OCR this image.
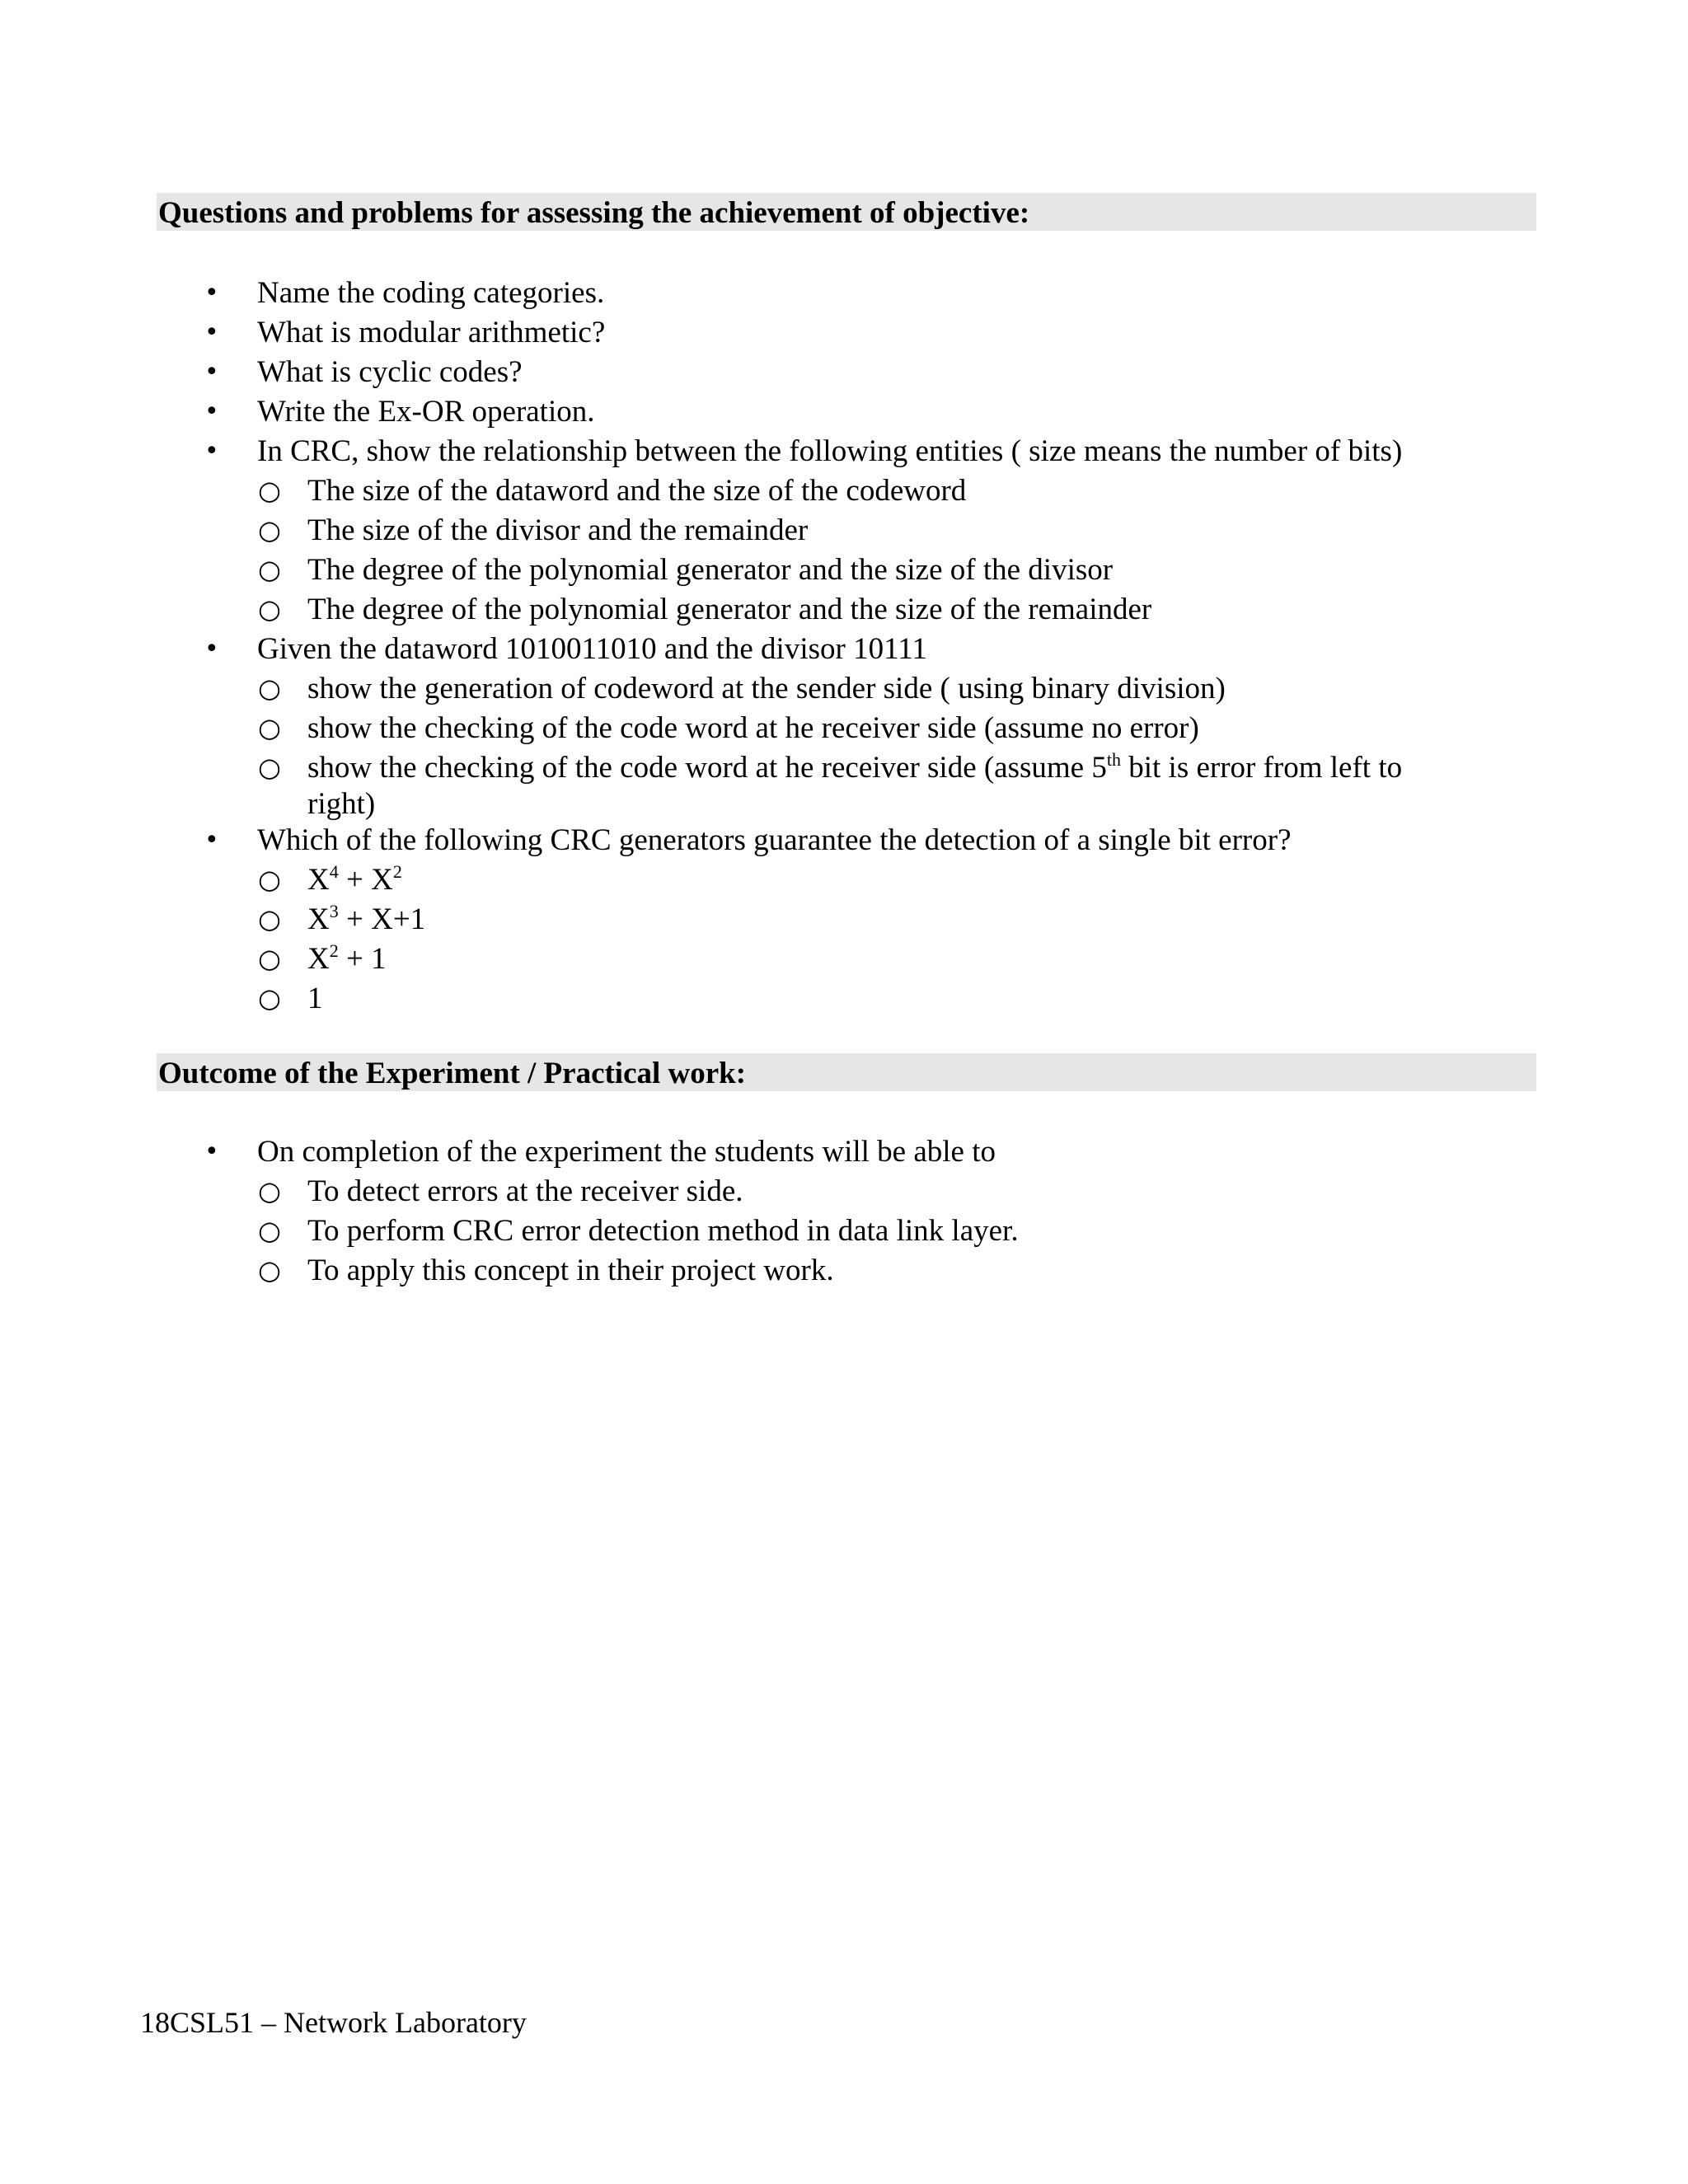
Questions and problems for assessing the achievement of objective:
• Name the coding categories.
• What is modular arithmetic?
• What is cyclic codes?
• Write the Ex-OR operation.
• In CRC, show the relationship between the following entities ( size means the number of bits)
○ The size of the dataword and the size of the codeword
○ The size of the divisor and the remainder
○ The degree of the polynomial generator and the size of the divisor
○ The degree of the polynomial generator and the size of the remainder
• Given the dataword 1010011010 and the divisor 10111
○ show the generation of codeword at the sender side ( using binary division)
○ show the checking of the code word at he receiver side (assume no error)
○ show the checking of the code word at he receiver side (assume 5th bit is error from left to
right)
• Which of the following CRC generators guarantee the detection of a single bit error?
○ $X^4 + X^2$
○ $X^3 + X+1$
○ $X^2 + 1$
○ 1
Outcome of the Experiment / Practical work:
• On completion of the experiment the students will be able to
○ To detect errors at the receiver side.
○ To perform CRC error detection method in data link layer.
○ To apply this concept in their project work.
18CSL51 – Network Laboratory
